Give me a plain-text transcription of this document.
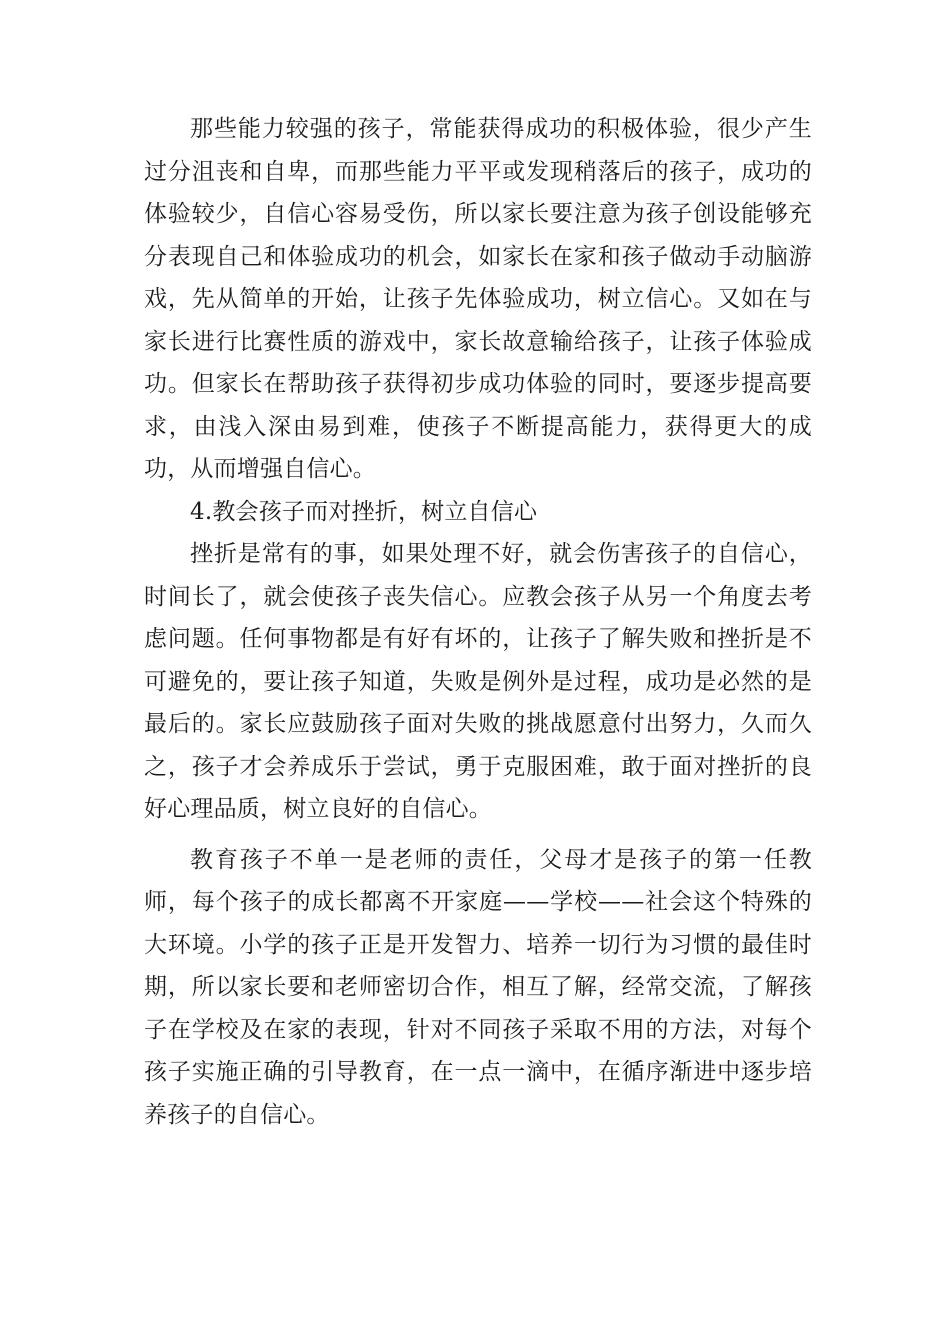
那些能力较强的孩子，常能获得成功的积极体验，很少产生过分沮丧和自卑，而那些能力平平或发现稍落后的孩子，成功的体验较少，自信心容易受伤，所以家长要注意为孩子创设能够充分表现自己和体验成功的机会，如家长在家和孩子做动手动脑游戏，先从简单的开始，让孩子先体验成功，树立信心。又如在与家长进行比赛性质的游戏中，家长故意输给孩子，让孩子体验成功。但家长在帮助孩子获得初步成功体验的同时，要逐步提高要求，由浅入深由易到难，使孩子不断提高能力，获得更大的成功，从而增强自信心。

4.教会孩子而对挫折，树立自信心

挫折是常有的事，如果处理不好，就会伤害孩子的自信心，时间长了，就会使孩子丧失信心。应教会孩子从另一个角度去考虑问题。任何事物都是有好有坏的，让孩子了解失败和挫折是不可避免的，要让孩子知道，失败是例外是过程，成功是必然的是最后的。家长应鼓励孩子面对失败的挑战愿意付出努力，久而久之，孩子才会养成乐于尝试，勇于克服困难，敢于面对挫折的良好心理品质，树立良好的自信心。

教育孩子不单一是老师的责任，父母才是孩子的第一任教师，每个孩子的成长都离不开家庭——学校——社会这个特殊的大环境。小学的孩子正是开发智力、培养一切行为习惯的最佳时期，所以家长要和老师密切合作，相互了解，经常交流，了解孩子在学校及在家的表现，针对不同孩子采取不用的方法，对每个孩子实施正确的引导教育，在一点一滴中，在循序渐进中逐步培养孩子的自信心。
